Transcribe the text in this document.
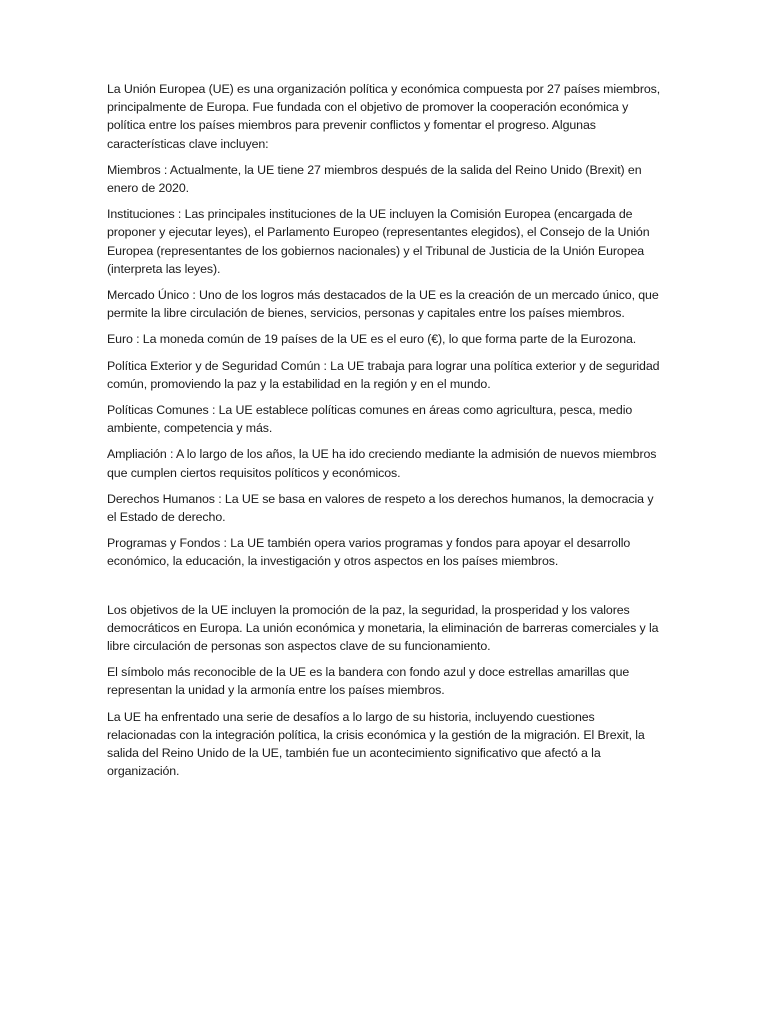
La Unión Europea (UE) es una organización política y económica compuesta por 27 países miembros, principalmente de Europa. Fue fundada con el objetivo de promover la cooperación económica y política entre los países miembros para prevenir conflictos y fomentar el progreso. Algunas características clave incluyen:

Miembros : Actualmente, la UE tiene 27 miembros después de la salida del Reino Unido (Brexit) en enero de 2020.

Instituciones : Las principales instituciones de la UE incluyen la Comisión Europea (encargada de proponer y ejecutar leyes), el Parlamento Europeo (representantes elegidos), el Consejo de la Unión Europea (representantes de los gobiernos nacionales) y el Tribunal de Justicia de la Unión Europea (interpreta las leyes).

Mercado Único : Uno de los logros más destacados de la UE es la creación de un mercado único, que permite la libre circulación de bienes, servicios, personas y capitales entre los países miembros.

Euro : La moneda común de 19 países de la UE es el euro (€), lo que forma parte de la Eurozona.

Política Exterior y de Seguridad Común : La UE trabaja para lograr una política exterior y de seguridad común, promoviendo la paz y la estabilidad en la región y en el mundo.

Políticas Comunes : La UE establece políticas comunes en áreas como agricultura, pesca, medio ambiente, competencia y más.

Ampliación : A lo largo de los años, la UE ha ido creciendo mediante la admisión de nuevos miembros que cumplen ciertos requisitos políticos y económicos.

Derechos Humanos : La UE se basa en valores de respeto a los derechos humanos, la democracia y el Estado de derecho.

Programas y Fondos : La UE también opera varios programas y fondos para apoyar el desarrollo económico, la educación, la investigación y otros aspectos en los países miembros.

Los objetivos de la UE incluyen la promoción de la paz, la seguridad, la prosperidad y los valores democráticos en Europa. La unión económica y monetaria, la eliminación de barreras comerciales y la libre circulación de personas son aspectos clave de su funcionamiento.

El símbolo más reconocible de la UE es la bandera con fondo azul y doce estrellas amarillas que representan la unidad y la armonía entre los países miembros.

La UE ha enfrentado una serie de desafíos a lo largo de su historia, incluyendo cuestiones relacionadas con la integración política, la crisis económica y la gestión de la migración. El Brexit, la salida del Reino Unido de la UE, también fue un acontecimiento significativo que afectó a la organización.
